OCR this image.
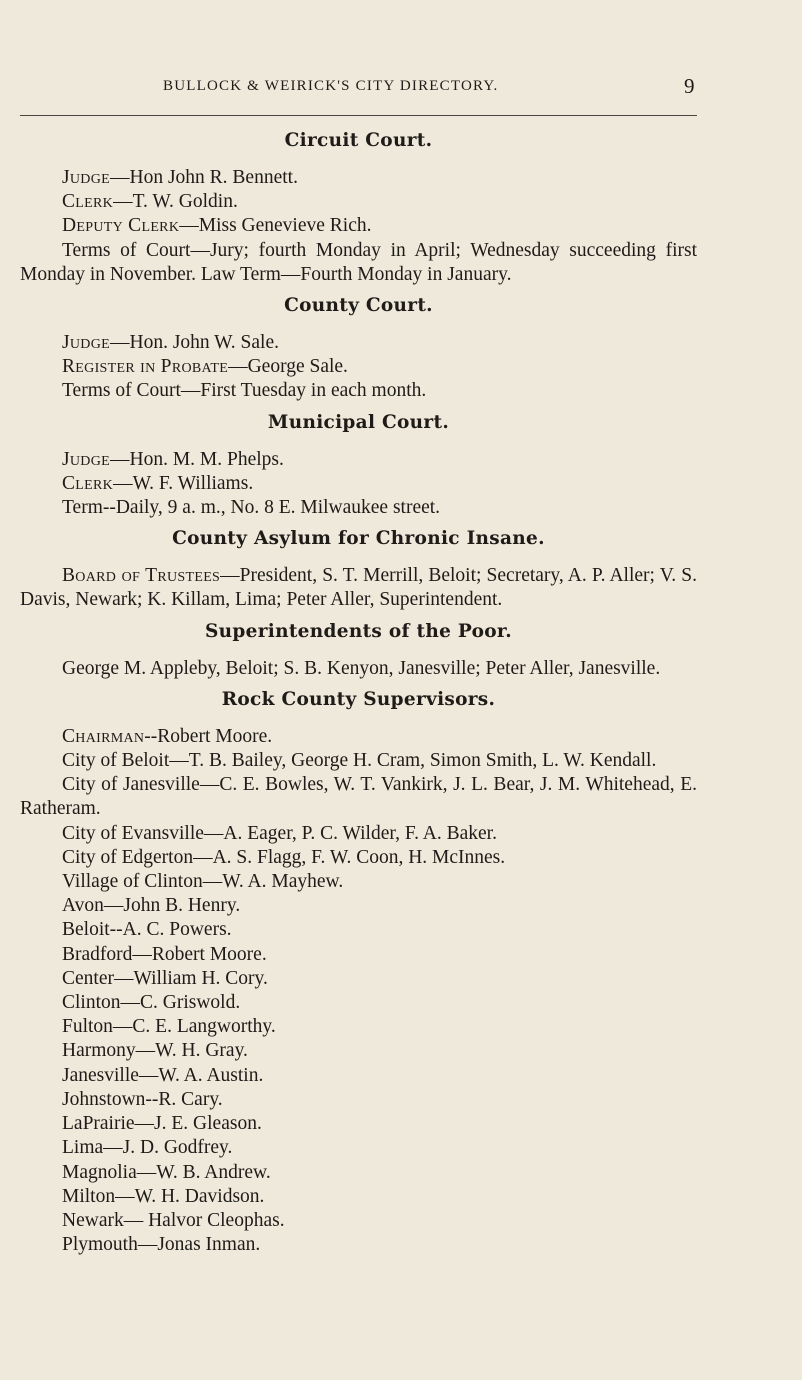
BULLOCK & WEIRICK'S CITY DIRECTORY.	9
Circuit Court.

Judge—Hon John R. Bennett.

Clerk—T. W. Goldin.

Deputy Clerk—Miss Genevieve Rich.

Terms of Court—Jury; fourth Monday in April; Wednesday succeeding first Monday in November. Law Term—Fourth Monday in January.

County Court.

Judge—Hon. John W. Sale.

Register in Probate—George Sale.

Terms of Court—First Tuesday in each month.

Municipal Court.

Judge—Hon. M. M. Phelps.

Clerk—W. F. Williams.

Term--Daily, 9 a. m., No. 8 E. Milwaukee street.

County Asylum for Chronic Insane.

Board of Trustees—President, S. T. Merrill, Beloit; Secretary, A. P. Aller; V. S. Davis, Newark; K. Killam, Lima; Peter Aller, Superintendent.

Superintendents of the Poor.

George M. Appleby, Beloit; S. B. Kenyon, Janesville; Peter Aller, Janesville.

Rock County Supervisors.

Chairman--Robert Moore.

City of Beloit—T. B. Bailey, George H. Cram, Simon Smith, L. W. Kendall.

City of Janesville—C. E. Bowles, W. T. Vankirk, J. L. Bear, J. M. Whitehead, E. Ratheram.

City of Evansville—A. Eager, P. C. Wilder, F. A. Baker.

City of Edgerton—A. S. Flagg, F. W. Coon, H. McInnes.

Village of Clinton—W. A. Mayhew.

Avon—John B. Henry.

Beloit--A. C. Powers.

Bradford—Robert Moore.

Center—William H. Cory.

Clinton—C. Griswold.

Fulton—C. E. Langworthy.

Harmony—W. H. Gray.

Janesville—W. A. Austin.

Johnstown--R. Cary.

LaPrairie—J. E. Gleason.

Lima—J. D. Godfrey.

Magnolia—W. B. Andrew.

Milton—W. H. Davidson.

Newark— Halvor Cleophas.

Plymouth—Jonas Inman.
